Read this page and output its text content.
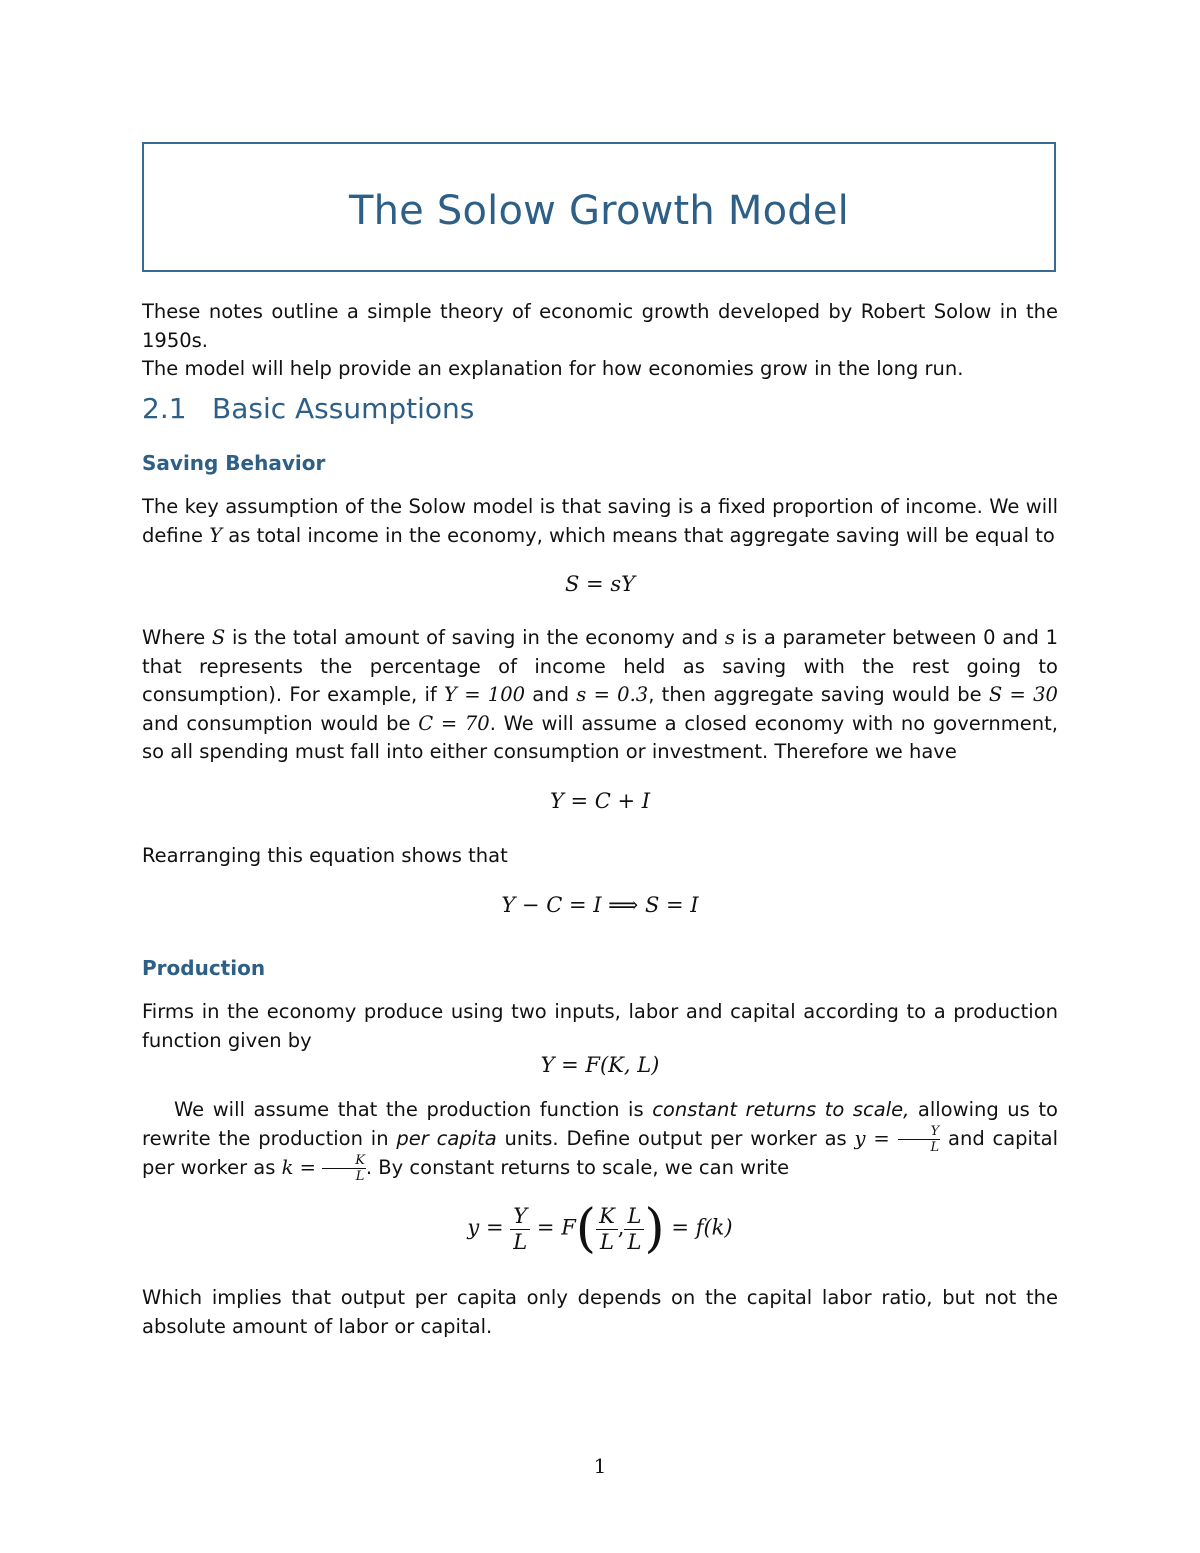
The Solow Growth Model
These notes outline a simple theory of economic growth developed by Robert Solow in the 1950s.
The model will help provide an explanation for how economies grow in the long run.
2.1 Basic Assumptions
Saving Behavior
The key assumption of the Solow model is that saving is a fixed proportion of income. We will define Y as total income in the economy, which means that aggregate saving will be equal to
S = sY
Where S is the total amount of saving in the economy and s is a parameter between 0 and 1 that represents the percentage of income held as saving with the rest going to consumption). For example, if Y = 100 and s = 0.3, then aggregate saving would be S = 30 and consumption would be C = 70. We will assume a closed economy with no government, so all spending must fall into either consumption or investment. Therefore we have
Y = C + I
Rearranging this equation shows that
Y − C = I ⟹ S = I
Production
Firms in the economy produce using two inputs, labor and capital according to a production function given by
Y = F(K, L)
We will assume that the production function is constant returns to scale, allowing us to rewrite the production in per capita units. Define output per worker as $y = \frac{Y}{L}$ and capital per worker as $k = \frac{K}{L}$ . By constant returns to scale, we can write
$y = \frac{Y}{L} = F( \frac{K}{L}$ , $\frac{L}{L}$ ) = f(k)
Which implies that output per capita only depends on the capital labor ratio, but not the absolute amount of labor or capital.
1
